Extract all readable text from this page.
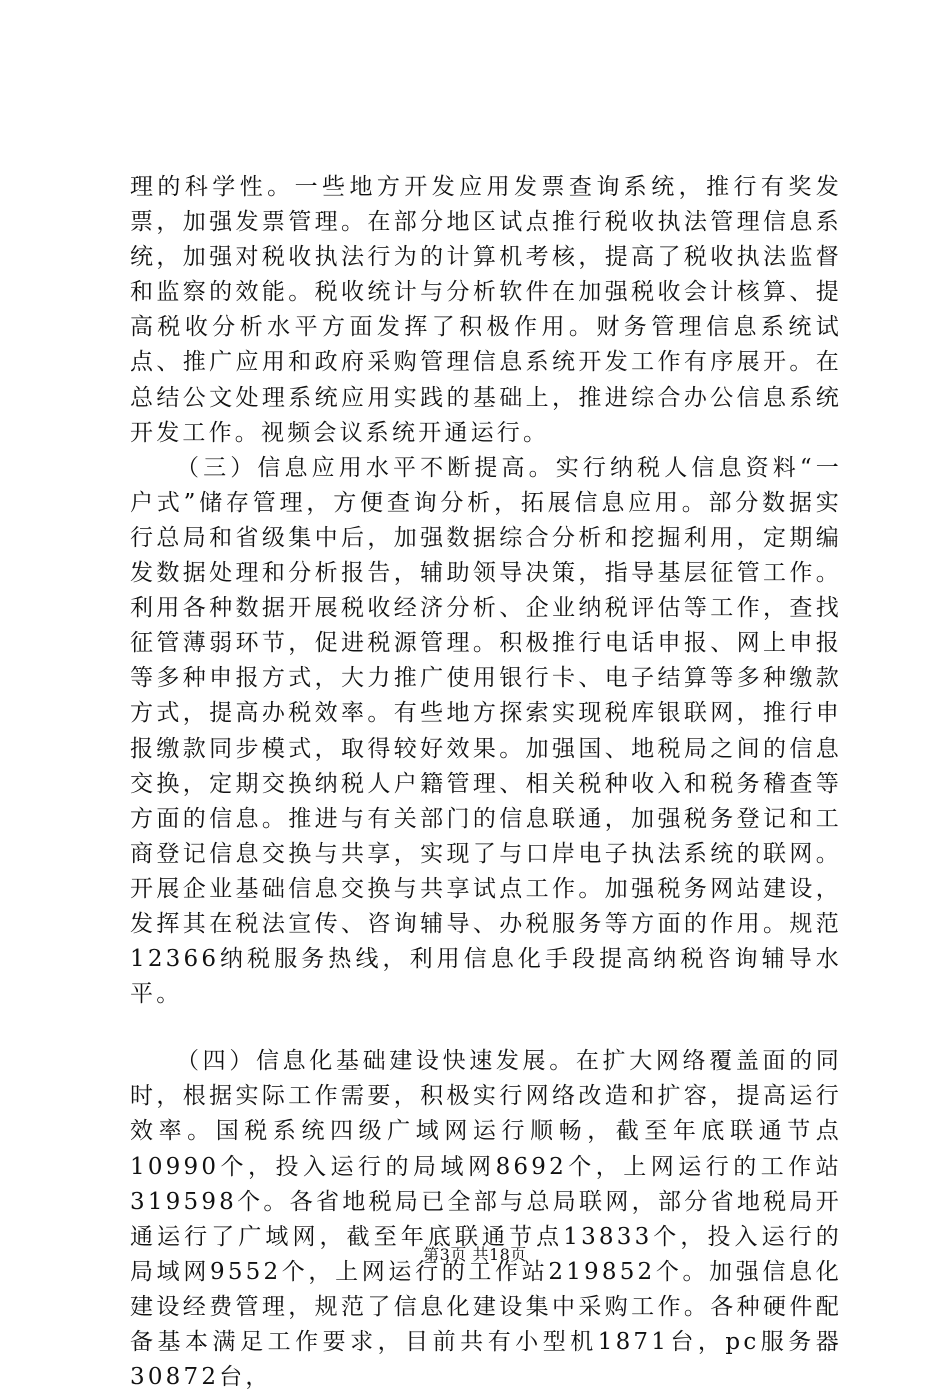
理的科学性。一些地方开发应用发票查询系统，推行有奖发票，加强发票管理。在部分地区试点推行税收执法管理信息系统，加强对税收执法行为的计算机考核，提高了税收执法监督和监察的效能。税收统计与分析软件在加强税收会计核算、提高税收分析水平方面发挥了积极作用。财务管理信息系统试点、推广应用和政府采购管理信息系统开发工作有序展开。在总结公文处理系统应用实践的基础上，推进综合办公信息系统开发工作。视频会议系统开通运行。

（三）信息应用水平不断提高。实行纳税人信息资料“一户式”储存管理，方便查询分析，拓展信息应用。部分数据实行总局和省级集中后，加强数据综合分析和挖掘利用，定期编发数据处理和分析报告，辅助领导决策，指导基层征管工作。利用各种数据开展税收经济分析、企业纳税评估等工作，查找征管薄弱环节，促进税源管理。积极推行电话申报、网上申报等多种申报方式，大力推广使用银行卡、电子结算等多种缴款方式，提高办税效率。有些地方探索实现税库银联网，推行申报缴款同步模式，取得较好效果。加强国、地税局之间的信息交换，定期交换纳税人户籍管理、相关税种收入和税务稽查等方面的信息。推进与有关部门的信息联通，加强税务登记和工商登记信息交换与共享，实现了与口岸电子执法系统的联网。开展企业基础信息交换与共享试点工作。加强税务网站建设，发挥其在税法宣传、咨询辅导、办税服务等方面的作用。规范12366纳税服务热线，利用信息化手段提高纳税咨询辅导水平。

（四）信息化基础建设快速发展。在扩大网络覆盖面的同时，根据实际工作需要，积极实行网络改造和扩容，提高运行效率。国税系统四级广域网运行顺畅，截至年底联通节点10990个，投入运行的局域网8692个，上网运行的工作站319598个。各省地税局已全部与总局联网，部分省地税局开通运行了广域网，截至年底联通节点13833个，投入运行的局域网9552个，上网运行的工作站219852个。加强信息化建设经费管理，规范了信息化建设集中采购工作。各种硬件配备基本满足工作要求，目前共有小型机1871台，pc服务器30872台，

第3页 共18页
